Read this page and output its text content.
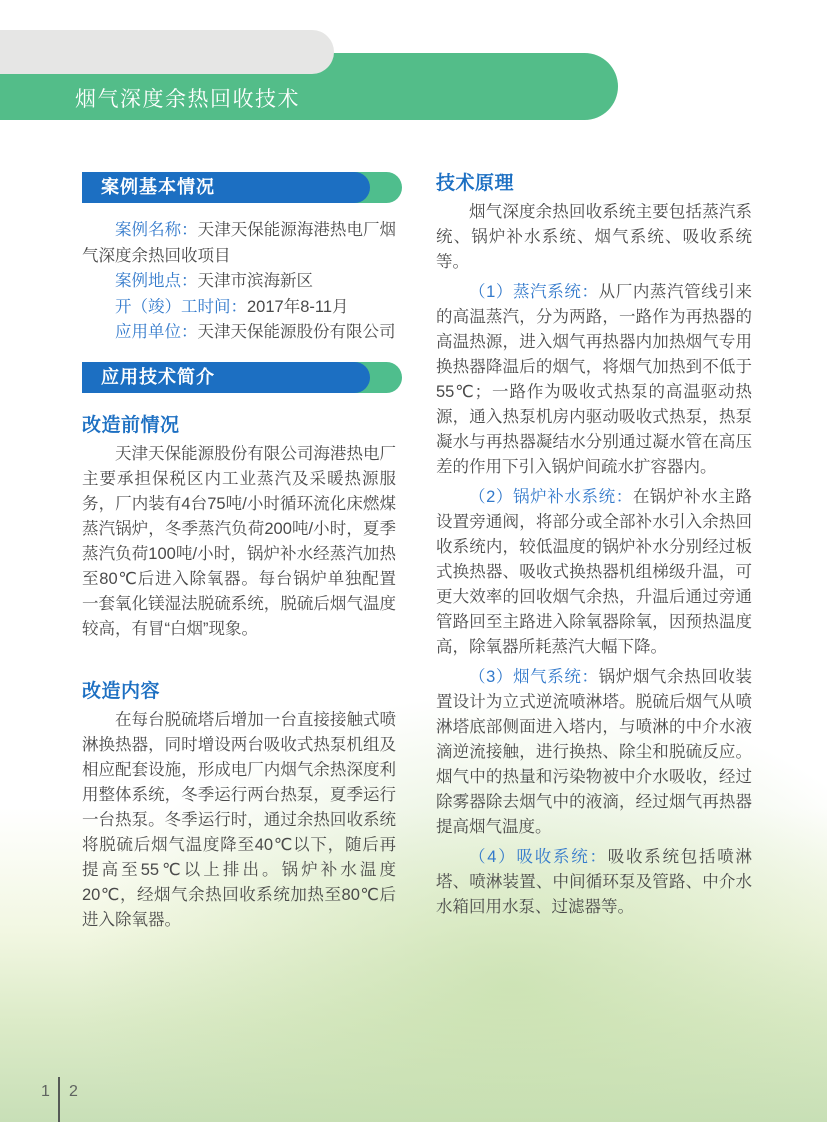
烟气深度余热回收技术
案例基本情况

案例名称：天津天保能源海港热电厂烟气深度余热回收项目

案例地点：天津市滨海新区

开（竣）工时间：2017年8-11月

应用单位：天津天保能源股份有限公司

应用技术简介

改造前情况

天津天保能源股份有限公司海港热电厂主要承担保税区内工业蒸汽及采暖热源服务，厂内装有4台75吨/小时循环流化床燃煤蒸汽锅炉，冬季蒸汽负荷200吨/小时，夏季蒸汽负荷100吨/小时，锅炉补水经蒸汽加热至80℃后进入除氧器。每台锅炉单独配置一套氧化镁湿法脱硫系统，脱硫后烟气温度较高，有冒“白烟”现象。

改造内容

在每台脱硫塔后增加一台直接接触式喷淋换热器，同时增设两台吸收式热泵机组及相应配套设施，形成电厂内烟气余热深度利用整体系统，冬季运行两台热泵，夏季运行一台热泵。冬季运行时，通过余热回收系统将脱硫后烟气温度降至40℃以下，随后再提高至55℃以上排出。锅炉补水温度20℃，经烟气余热回收系统加热至80℃后进入除氧器。

技术原理

烟气深度余热回收系统主要包括蒸汽系统、锅炉补水系统、烟气系统、吸收系统等。

（1）蒸汽系统：从厂内蒸汽管线引来的高温蒸汽，分为两路，一路作为再热器的高温热源，进入烟气再热器内加热烟气专用换热器降温后的烟气，将烟气加热到不低于55℃；一路作为吸收式热泵的高温驱动热源，通入热泵机房内驱动吸收式热泵，热泵凝水与再热器凝结水分别通过凝水管在高压差的作用下引入锅炉间疏水扩容器内。

（2）锅炉补水系统：在锅炉补水主路设置旁通阀，将部分或全部补水引入余热回收系统内，较低温度的锅炉补水分别经过板式换热器、吸收式换热器机组梯级升温，可更大效率的回收烟气余热，升温后通过旁通管路回至主路进入除氧器除氧，因预热温度高，除氧器所耗蒸汽大幅下降。

（3）烟气系统：锅炉烟气余热回收装置设计为立式逆流喷淋塔。脱硫后烟气从喷淋塔底部侧面进入塔内，与喷淋的中介水液滴逆流接触，进行换热、除尘和脱硫反应。烟气中的热量和污染物被中介水吸收，经过除雾器除去烟气中的液滴，经过烟气再热器提高烟气温度。

（4）吸收系统：吸收系统包括喷淋塔、喷淋装置、中间循环泵及管路、中介水水箱回用水泵、过滤器等。

1 2
